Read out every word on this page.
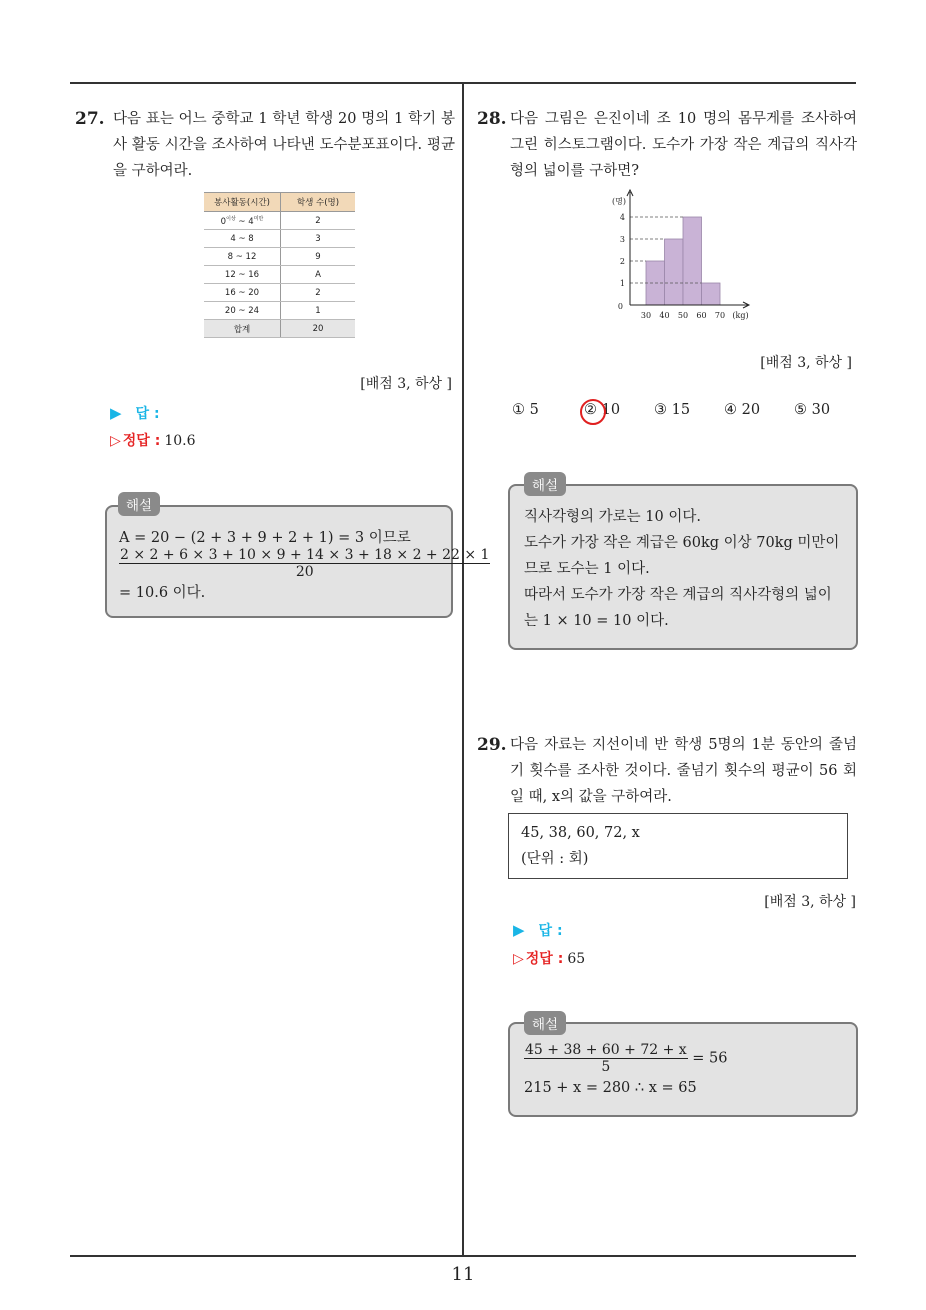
11
27. 다음 표는 어느 중학교 1 학년 학생 20 명의 1 학기 봉사 활동 시간을 조사하여 나타낸 도수분포표이다. 평균을 구하여라.
봉사활동(시간)	학생 수(명)
$0^{이상}$ ~ $4^{미만}$	2
4 ~ 8	3
8 ~ 12	9
12 ~ 16	A
16 ~ 20	2
20 ~ 24	1
합계	20
[배점 3, 하상 ]
▶ 답 :
▷ 정답 : 10.6
A = 20 − (2 + 3 + 9 + 2 + 1) = 3 이므로
$\frac{2 \times 2 + 6 \times 3 + 10 \times 9 + 14 \times 3 + 18 \times 2 + 22 \times 1}{20}$
= 10.6 이다.
해설
28. 다음 그림은 은진이네 조 10 명의 몸무게를 조사하여 그린 히스토그램이다. 도수가 가장 작은 계급의 직사각형의 넓이를 구하면?
1
2
3
4
(명)
0
30 40 50 60 70 (kg)
[배점 3, 하상 ]
① 5	② 10 ③ 15 ④ 20 ⑤ 30
직사각형의 가로는 10 이다.
도수가 가장 작은 계급은 60kg 이상 70kg 미만이
므로 도수는 1 이다.
따라서 도수가 가장 작은 계급의 직사각형의 넓이
는 1 × 10 = 10 이다.
해설
29. 다음 자료는 지선이네 반 학생 5명의 1분 동안의 줄넘기 횟수를 조사한 것이다. 줄넘기 횟수의 평균이 56 회일 때, x의 값을 구하여라.
45, 38, 60, 72, x
(단위 : 회)
[배점 3, 하상 ]
▶ 답 :
▷ 정답 : 65
$\frac{45 + 38 + 60 + 72 + x}{5} = 56$
215 + x = 280 ∴ x = 65
해설
